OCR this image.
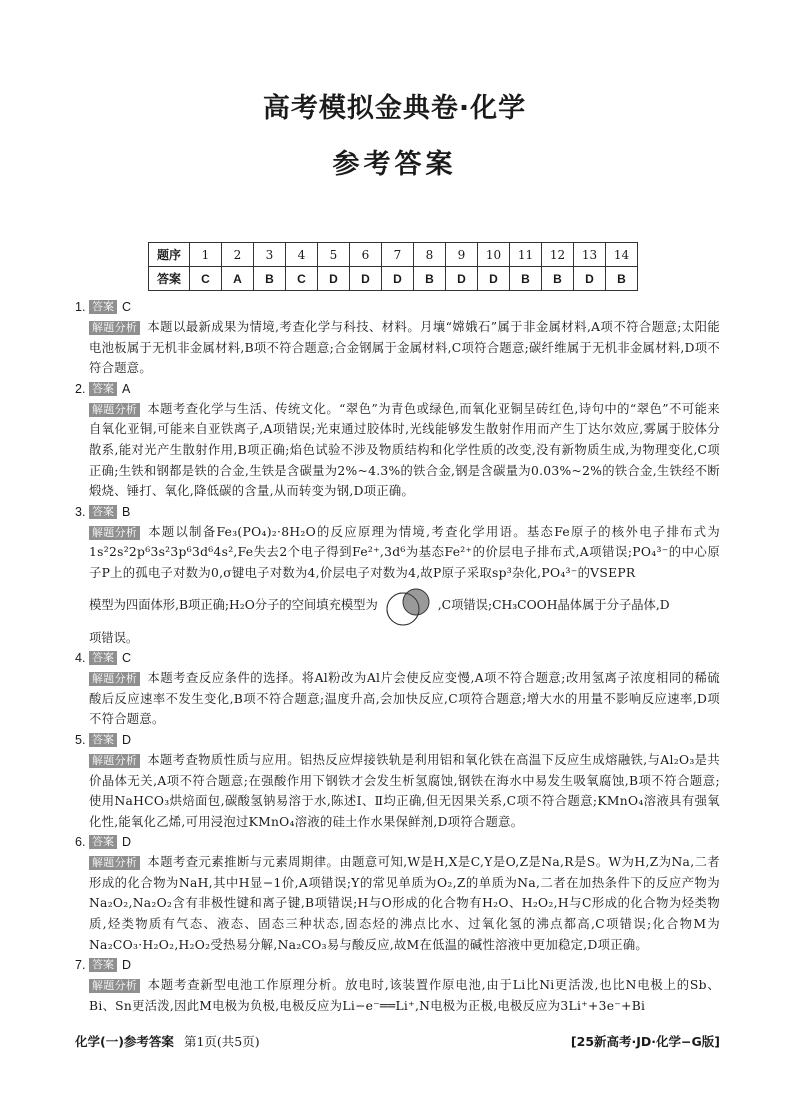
高考模拟金典卷·化学
参考答案
题序	1	2	3	4	5	6	7	8	9	10	11	12	13	14
答案	C	A	B	C	D	D	D	B	D	D	B	B	D	B
1. 答案 C
解题分析 本题以最新成果为情境,考查化学与科技、材料。月壤“嫦娥石”属于非金属材料,A项不符合题意;太阳能电池板属于无机非金属材料,B项不符合题意;合金钢属于金属材料,C项符合题意;碳纤维属于无机非金属材料,D项不符合题意。
2. 答案 A
解题分析 本题考查化学与生活、传统文化。“翠色”为青色或绿色,而氧化亚铜呈砖红色,诗句中的“翠色”不可能来自氧化亚铜,可能来自亚铁离子,A项错误;光束通过胶体时,光线能够发生散射作用而产生丁达尔效应,雾属于胶体分散系,能对光产生散射作用,B项正确;焰色试验不涉及物质结构和化学性质的改变,没有新物质生成,为物理变化,C项正确;生铁和钢都是铁的合金,生铁是含碳量为2%~4.3%的铁合金,钢是含碳量为0.03%~2%的铁合金,生铁经不断煅烧、锤打、氧化,降低碳的含量,从而转变为钢,D项正确。
3. 答案 B
解题分析 本题以制备Fe₃(PO₄)₂·8H₂O的反应原理为情境,考查化学用语。基态Fe原子的核外电子排布式为1s²2s²2p⁶3s²3p⁶3d⁶4s²,Fe失去2个电子得到Fe²⁺,3d⁶为基态Fe²⁺的价层电子排布式,A项错误;PO₄³⁻的中心原子P上的孤电子对数为0,σ键电子对数为4,价层电子对数为4,故P原子采取sp³杂化,PO₄³⁻的VSEPR
模型为四面体形,B项正确;H₂O分子的空间填充模型为	,C项错误;CH₃COOH晶体属于分子晶体,D
项错误。
4. 答案 C
解题分析 本题考查反应条件的选择。将Al粉改为Al片会使反应变慢,A项不符合题意;改用氢离子浓度相同的稀硫酸后反应速率不发生变化,B项不符合题意;温度升高,会加快反应,C项符合题意;增大水的用量不影响反应速率,D项不符合题意。
5. 答案 D
解题分析 本题考查物质性质与应用。铝热反应焊接铁轨是利用铝和氧化铁在高温下反应生成熔融铁,与Al₂O₃是共价晶体无关,A项不符合题意;在强酸作用下钢铁才会发生析氢腐蚀,钢铁在海水中易发生吸氧腐蚀,B项不符合题意;使用NaHCO₃烘焙面包,碳酸氢钠易溶于水,陈述Ⅰ、Ⅱ均正确,但无因果关系,C项不符合题意;KMnO₄溶液具有强氧化性,能氧化乙烯,可用浸泡过KMnO₄溶液的硅土作水果保鲜剂,D项符合题意。
6. 答案 D
解题分析 本题考查元素推断与元素周期律。由题意可知,W是H,X是C,Y是O,Z是Na,R是S。W为H,Z为Na,二者形成的化合物为NaH,其中H显−1价,A项错误;Y的常见单质为O₂,Z的单质为Na,二者在加热条件下的反应产物为Na₂O₂,Na₂O₂含有非极性键和离子键,B项错误;H与O形成的化合物有H₂O、H₂O₂,H与C形成的化合物为烃类物质,烃类物质有气态、液态、固态三种状态,固态烃的沸点比水、过氧化氢的沸点都高,C项错误;化合物M为Na₂CO₃·H₂O₂,H₂O₂受热易分解,Na₂CO₃易与酸反应,故M在低温的碱性溶液中更加稳定,D项正确。
7. 答案 D
解题分析 本题考查新型电池工作原理分析。放电时,该装置作原电池,由于Li比Ni更活泼,也比N电极上的Sb、Bi、Sn更活泼,因此M电极为负极,电极反应为Li−e⁻══Li⁺,N电极为正极,电极反应为3Li⁺+3e⁻+Bi
化学(一)参考答案 第1页(共5页)	[25新高考·JD·化学−G版]
